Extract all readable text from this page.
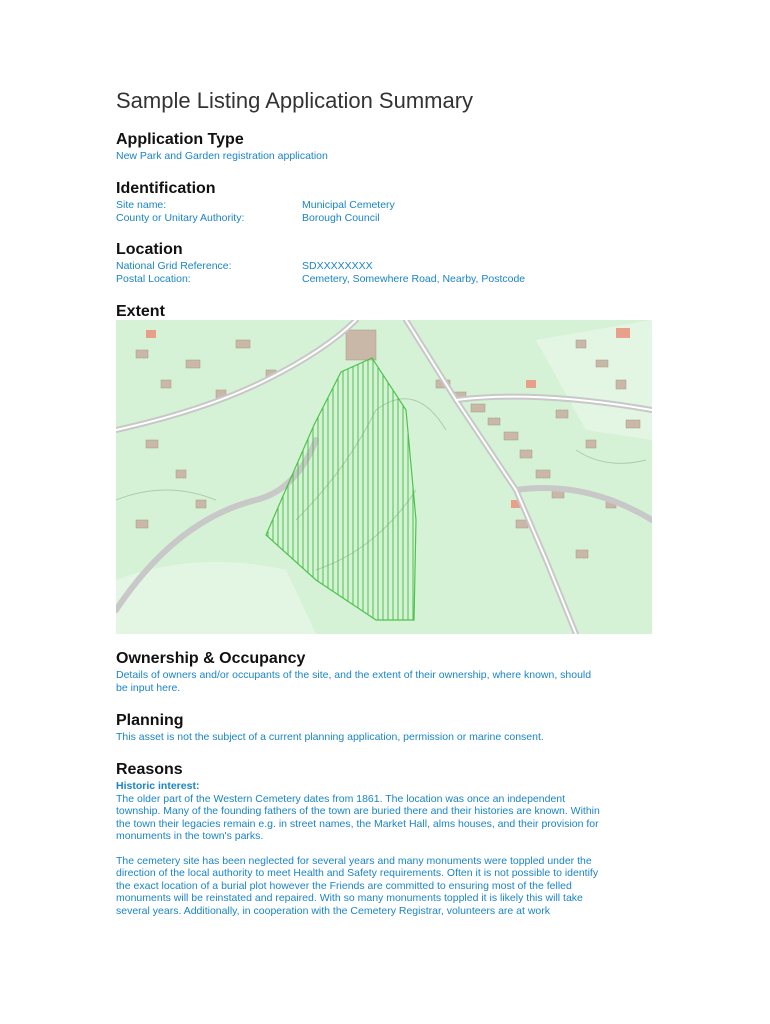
Sample Listing Application Summary
Application Type
New Park and Garden registration application
Identification
Site name:	Municipal Cemetery
County or Unitary Authority:	Borough Council
Location
National Grid Reference:	SDXXXXXXXX
Postal Location:	Cemetery, Somewhere Road, Nearby, Postcode
Extent
Ownership & Occupancy
Details of owners and/or occupants of the site, and the extent of their ownership, where known, should
be input here.
Planning
This asset is not the subject of a current planning application, permission or marine consent.
Reasons
Historic interest:
The older part of the Western Cemetery dates from 1861. The location was once an independent
township. Many of the founding fathers of the town are buried there and their histories are known. Within
the town their legacies remain e.g. in street names, the Market Hall, alms houses, and their provision for
monuments in the town's parks.
The cemetery site has been neglected for several years and many monuments were toppled under the
direction of the local authority to meet Health and Safety requirements. Often it is not possible to identify
the exact location of a burial plot however the Friends are committed to ensuring most of the felled
monuments will be reinstated and repaired. With so many monuments toppled it is likely this will take
several years. Additionally, in cooperation with the Cemetery Registrar, volunteers are at work
